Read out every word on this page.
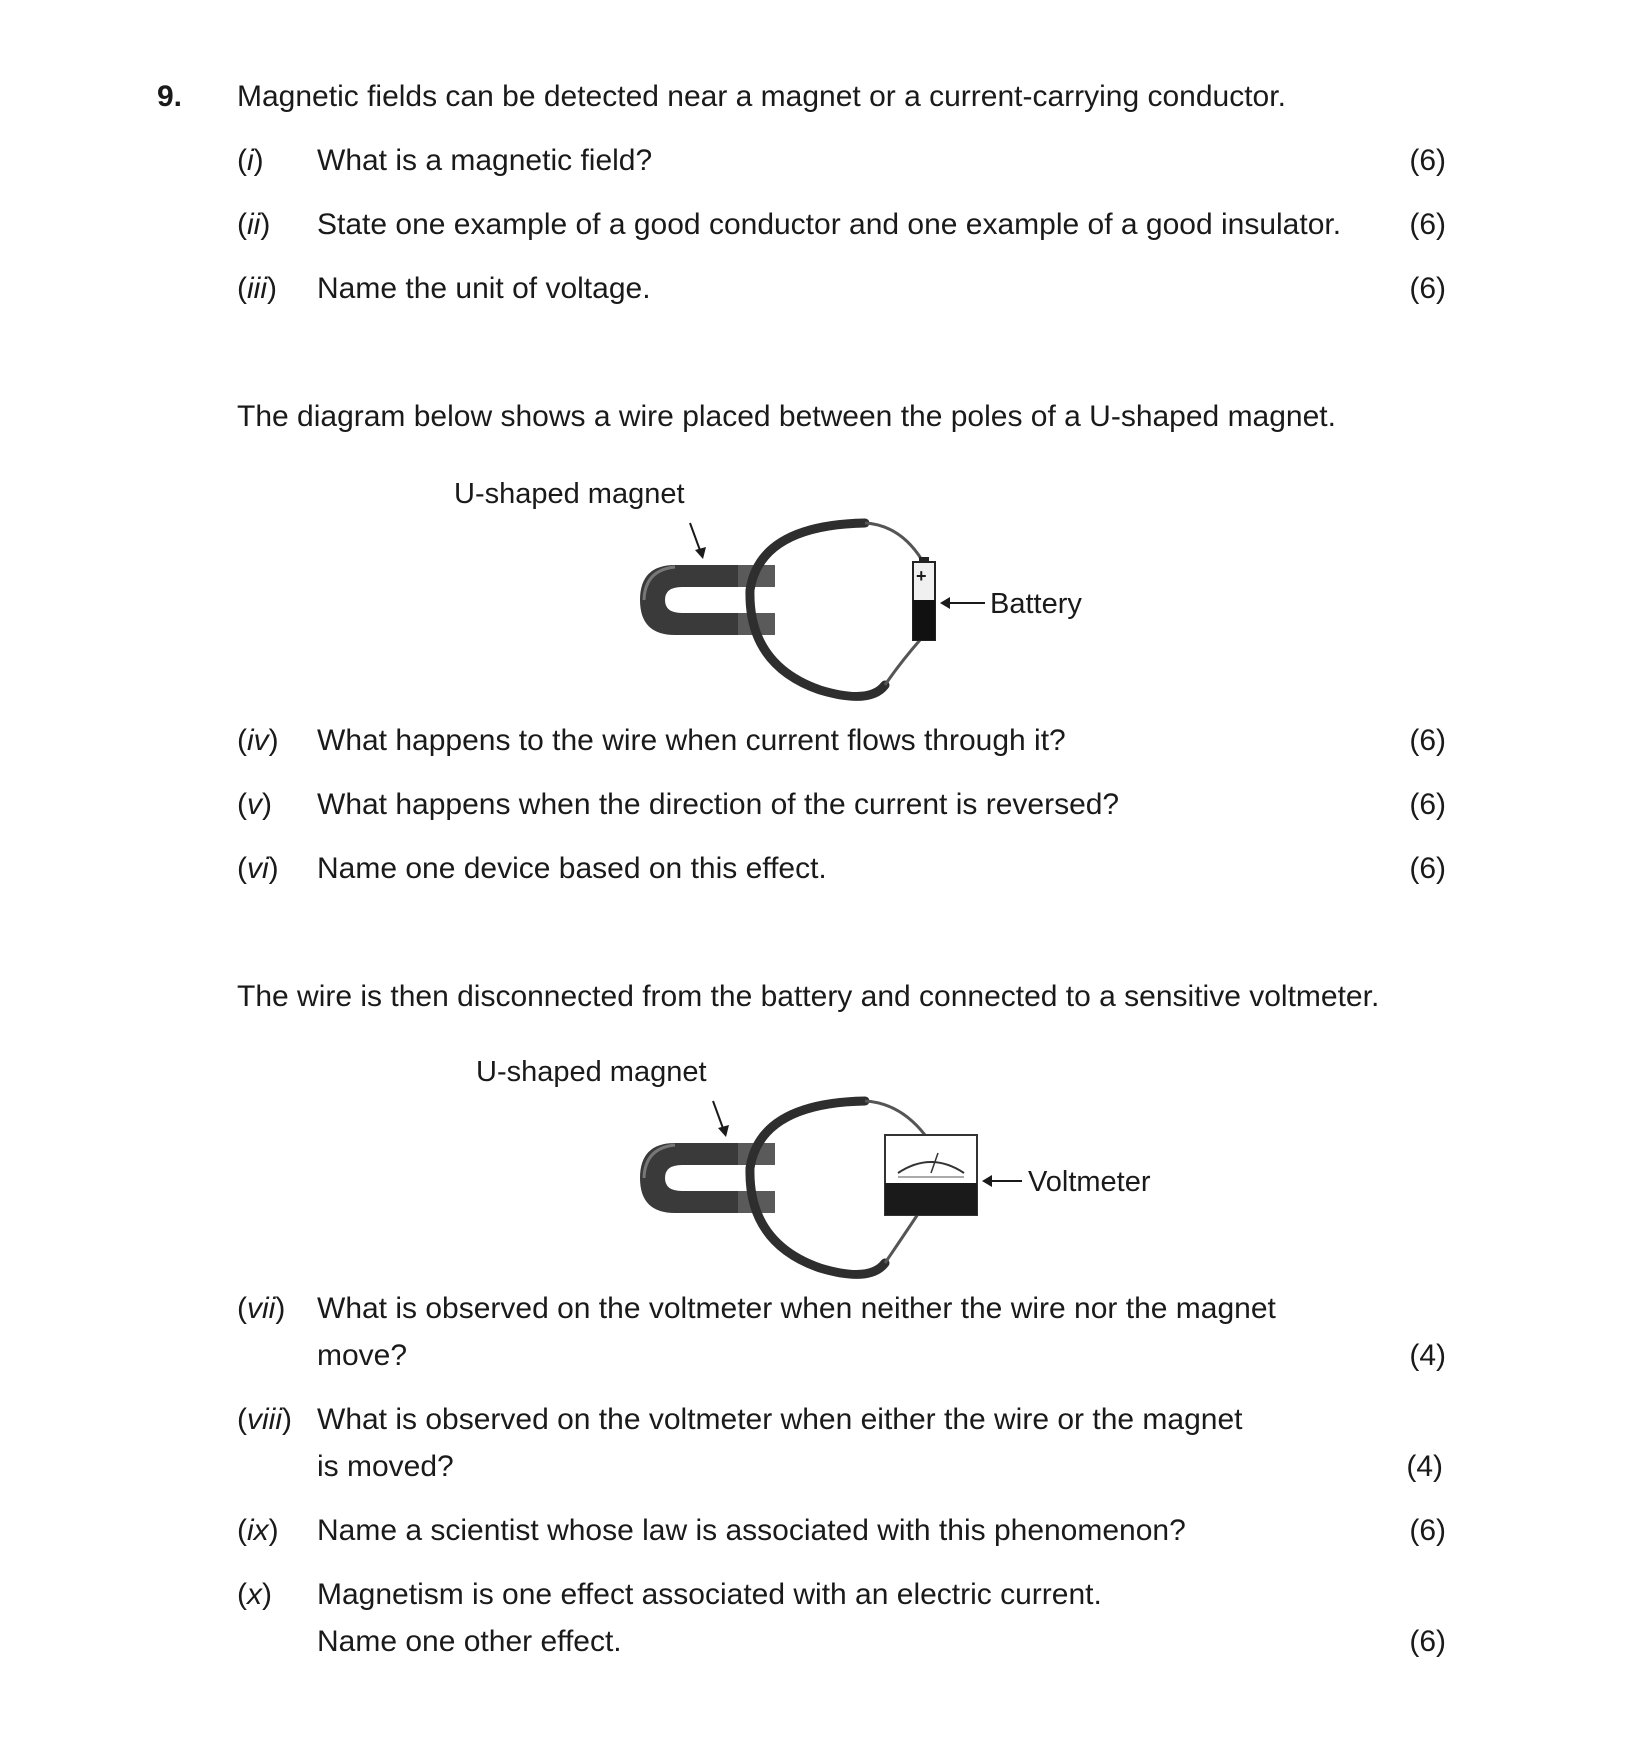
9. Magnetic fields can be detected near a magnet or a current-carrying conductor.
(i) What is a magnetic field?	(6)
(ii) State one example of a good conductor and one example of a good insulator.	(6)
(iii) Name the unit of voltage.	(6)
The diagram below shows a wire placed between the poles of a U-shaped magnet.
U-shaped magnet
Battery
+
(iv) What happens to the wire when current flows through it?	(6)
(v) What happens when the direction of the current is reversed?	(6)
(vi) Name one device based on this effect.	(6)
The wire is then disconnected from the battery and connected to a sensitive voltmeter.
U-shaped magnet
Voltmeter
(vii) What is observed on the voltmeter when neither the wire nor the magnet
move?	(4)
(viii) What is observed on the voltmeter when either the wire or the magnet
is moved?	(4)
(ix) Name a scientist whose law is associated with this phenomenon?	(6)
(x) Magnetism is one effect associated with an electric current.
Name one other effect.	(6)
